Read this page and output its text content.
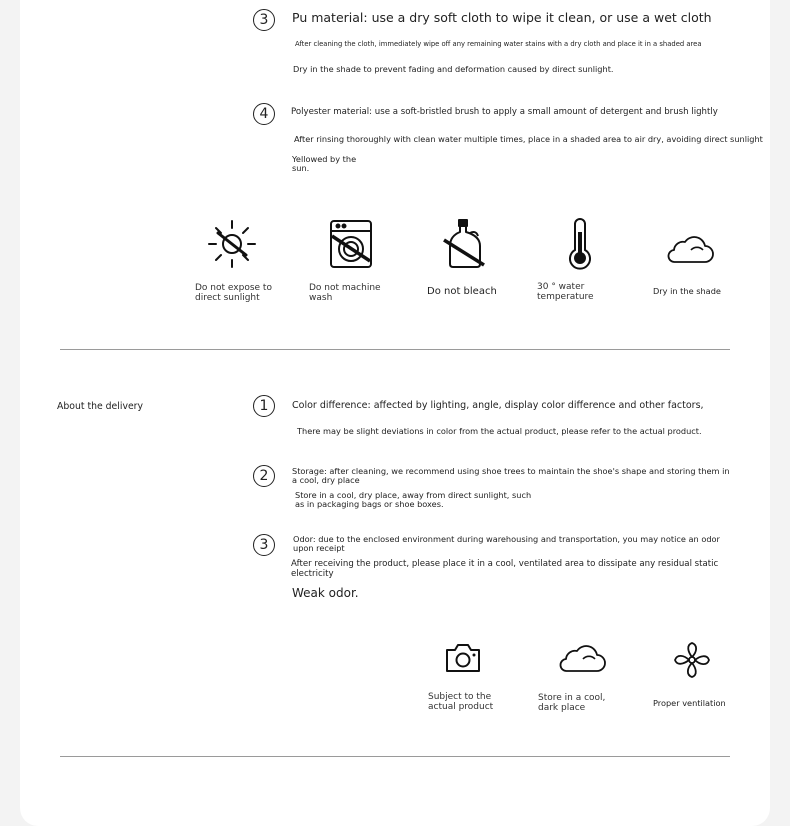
3	Pu material: use a dry soft cloth to wipe it clean, or use a wet cloth
After cleaning the cloth, immediately wipe off any remaining water stains with a dry cloth and place it in a shaded area
Dry in the shade to prevent fading and deformation caused by direct sunlight.
4	Polyester material: use a soft-bristled brush to apply a small amount of detergent and brush lightly
After rinsing thoroughly with clean water multiple times, place in a shaded area to air dry, avoiding direct sunlight
Yellowed by the sun.
Do not expose to direct sunlight
Do not machine wash
Do not bleach	30 ° water temperature
Dry in the shade
About the delivery	1	Color difference: affected by lighting, angle, display color difference and other factors,
There may be slight deviations in color from the actual product, please refer to the actual product.
2	Storage: after cleaning, we recommend using shoe trees to maintain the shoe's shape and storing them in a cool, dry place
Store in a cool, dry place, away from direct sunlight, such as in packaging bags or shoe boxes.
3	Odor: due to the enclosed environment during warehousing and transportation, you may notice an odor upon receipt
After receiving the product, please place it in a cool, ventilated area to dissipate any residual static electricity
Weak odor.
Subject to the actual product
Store in a cool, dark place
Proper ventilation
